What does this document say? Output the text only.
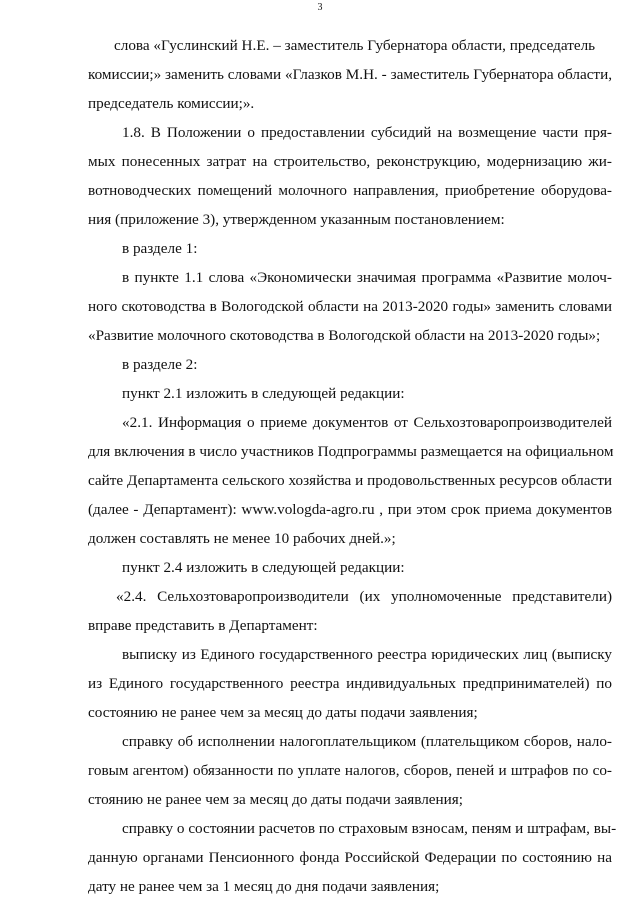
3
слова «Гуслинский Н.Е. – заместитель Губернатора области, председатель
комиссии;» заменить словами «Глазков М.Н. - заместитель Губернатора области,
председатель комиссии;».
1.8. В Положении о предоставлении субсидий на возмещение части пря-
мых понесенных затрат на строительство, реконструкцию, модернизацию жи-
вотноводческих помещений молочного направления, приобретение оборудова-
ния (приложение 3), утвержденном указанным постановлением:
в разделе 1:
в пункте 1.1 слова «Экономически значимая программа «Развитие молоч-
ного скотоводства в Вологодской области на 2013-2020 годы» заменить словами
«Развитие молочного скотоводства в Вологодской области на 2013-2020 годы»;
в разделе 2:
пункт 2.1 изложить в следующей редакции:
«2.1. Информация о приеме документов от Сельхозтоваропроизводителей
для включения в число участников Подпрограммы размещается на официальном
сайте Департамента сельского хозяйства и продовольственных ресурсов области
(далее - Департамент): www.vologda-agro.ru , при этом срок приема документов
должен составлять не менее 10 рабочих дней.»;
пункт 2.4 изложить в следующей редакции:
«2.4. Сельхозтоваропроизводители (их уполномоченные представители)
вправе представить в Департамент:
выписку из Единого государственного реестра юридических лиц (выписку
из Единого государственного реестра индивидуальных предпринимателей) по
состоянию не ранее чем за месяц до даты подачи заявления;
справку об исполнении налогоплательщиком (плательщиком сборов, нало-
говым агентом) обязанности по уплате налогов, сборов, пеней и штрафов по со-
стоянию не ранее чем за месяц до даты подачи заявления;
справку о состоянии расчетов по страховым взносам, пеням и штрафам, вы-
данную органами Пенсионного фонда Российской Федерации по состоянию на
дату не ранее чем за 1 месяц до дня подачи заявления;
